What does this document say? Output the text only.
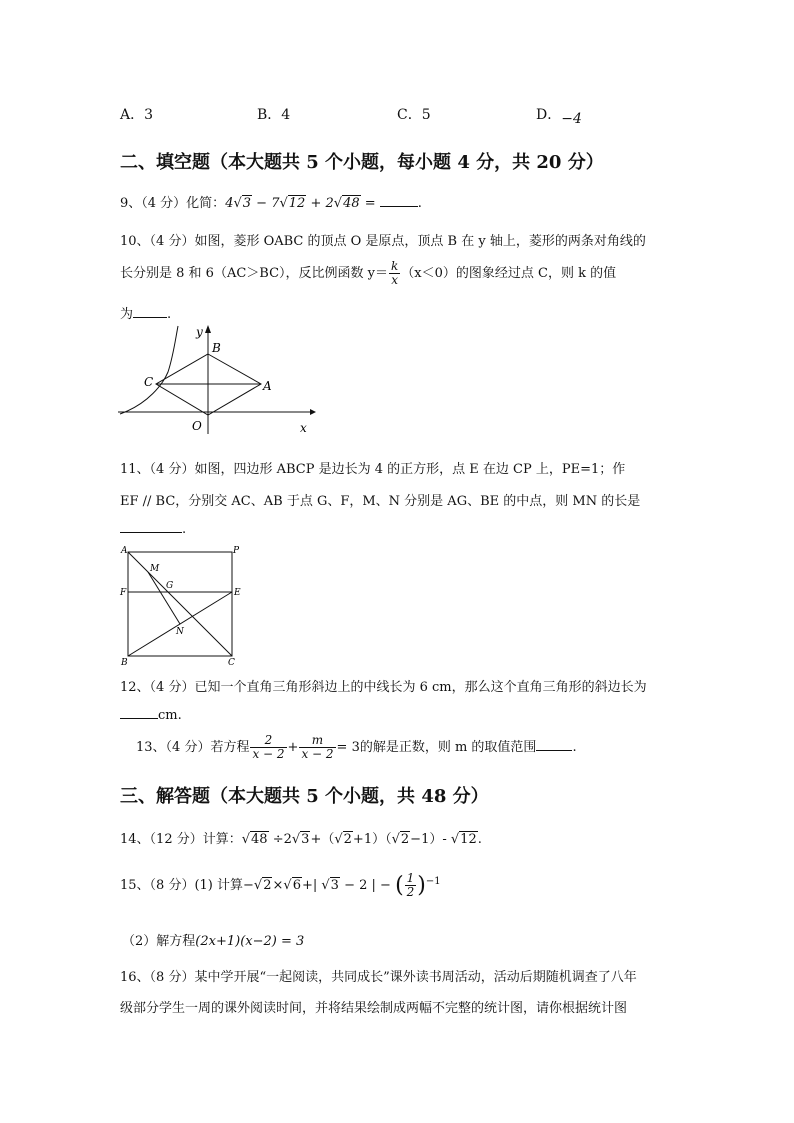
A．3	B．4	C．5	D．−4
二、填空题（本大题共 5 个小题，每小题 4 分，共 20 分）
9、（4 分）化简：4√3 − 7√12 + 2√48 =	.
10、（4 分）如图，菱形 OABC 的顶点 O 是原点，顶点 B 在 y 轴上，菱形的两条对角线的
长分别是 8 和 6（AC＞BC），反比例函数 $y= \frac{k}{x} (x<0)$的图象经过点 C，则 k 的值
为	.
y
B
C	A
O	x
11、（4 分）如图，四边形 ABCP 是边长为 4 的正方形，点 E 在边 CP 上，PE=1；作
EF // BC，分别交 AC、AB 于点 G、F，M、N 分别是 AG、BE 的中点，则 MN 的长是
.
A	P
M
G
F	E
N
B	C
12、（4 分）已知一个直角三角形斜边上的中线长为 6 cm，那么这个直角三角形的斜边长为
cm.
13、（4 分）若方程 $\frac{2}{x - 2} + \frac{m}{x - 2} = 3$的解是正数，则 m 的取值范围	.
三、解答题（本大题共 5 个小题，共 48 分）
14、（12 分）计算：√48 ÷2√3+（√2+1）（√2−1）- √12.
15、（8 分）(1) 计算−√2×√6+| √3 − 2 | − ( $\frac{1}{2} )^{-1}$
（2）解方程(2x+1)(x−2) = 3
16、（8 分）某中学开展“一起阅读，共同成长”课外读书周活动，活动后期随机调查了八年
级部分学生一周的课外阅读时间，并将结果绘制成两幅不完整的统计图，请你根据统计图
